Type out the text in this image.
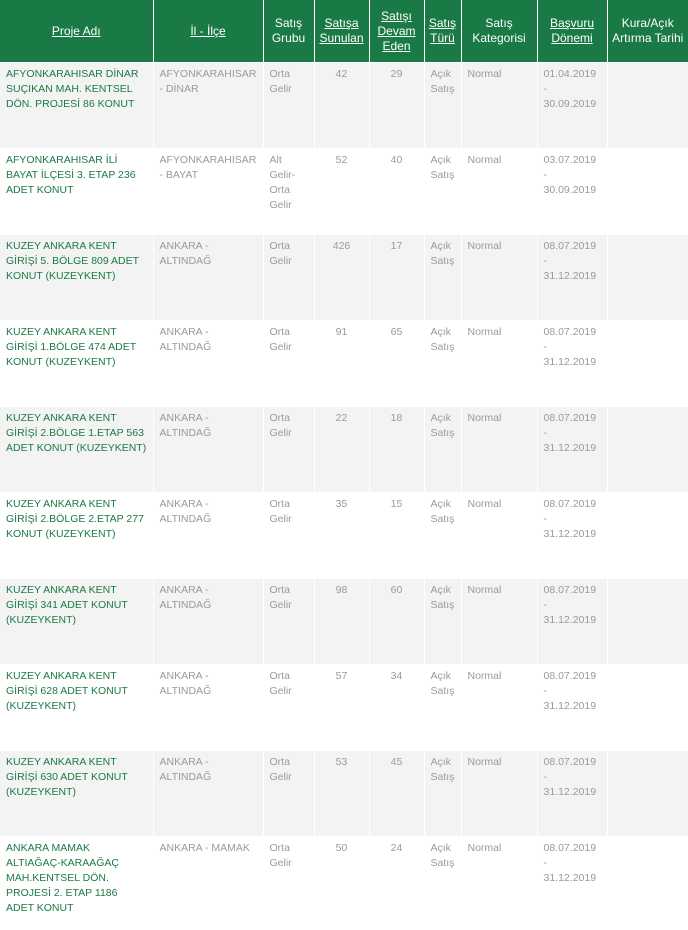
Proje Adı	İl - İlçe	Satış Grubu	Satışa Sunulan	Satışı Devam Eden	Satış Türü	Satış Kategorisi	Başvuru Dönemi	Kura/Açık Artırma Tarihi
AFYONKARAHISAR DİNAR SUÇIKAN MAH. KENTSEL DÖN. PROJESİ 86 KONUT	AFYONKARAHISAR - DİNAR	Orta Gelir	42	29	Açık Satış	Normal	01.04.2019 - 30.09.2019	
AFYONKARAHISAR İLİ BAYAT İLÇESİ 3. ETAP 236 ADET KONUT	AFYONKARAHISAR - BAYAT	Alt Gelir-Orta Gelir	52	40	Açık Satış	Normal	03.07.2019 - 30.09.2019	
KUZEY ANKARA KENT GİRİŞİ 5. BÖLGE 809 ADET KONUT (KUZEYKENT)	ANKARA - ALTINDAĞ	Orta Gelir	426	17	Açık Satış	Normal	08.07.2019 - 31.12.2019	
KUZEY ANKARA KENT GİRİŞİ 1.BÖLGE 474 ADET KONUT (KUZEYKENT)	ANKARA - ALTINDAĞ	Orta Gelir	91	65	Açık Satış	Normal	08.07.2019 - 31.12.2019	
KUZEY ANKARA KENT GİRİŞİ 2.BÖLGE 1.ETAP 563 ADET KONUT (KUZEYKENT)	ANKARA - ALTINDAĞ	Orta Gelir	22	18	Açık Satış	Normal	08.07.2019 - 31.12.2019	
KUZEY ANKARA KENT GİRİŞİ 2.BÖLGE 2.ETAP 277 KONUT (KUZEYKENT)	ANKARA - ALTINDAĞ	Orta Gelir	35	15	Açık Satış	Normal	08.07.2019 - 31.12.2019	
KUZEY ANKARA KENT GİRİŞİ 341 ADET KONUT (KUZEYKENT)	ANKARA - ALTINDAĞ	Orta Gelir	98	60	Açık Satış	Normal	08.07.2019 - 31.12.2019	
KUZEY ANKARA KENT GİRİŞİ 628 ADET KONUT (KUZEYKENT)	ANKARA - ALTINDAĞ	Orta Gelir	57	34	Açık Satış	Normal	08.07.2019 - 31.12.2019	
KUZEY ANKARA KENT GİRİŞİ 630 ADET KONUT (KUZEYKENT)	ANKARA - ALTINDAĞ	Orta Gelir	53	45	Açık Satış	Normal	08.07.2019 - 31.12.2019	
ANKARA MAMAK ALTIAĞAÇ-KARAAĞAÇ MAH.KENTSEL DÖN. PROJESİ 2. ETAP 1186 ADET KONUT	ANKARA - MAMAK	Orta Gelir	50	24	Açık Satış	Normal	08.07.2019 - 31.12.2019	
